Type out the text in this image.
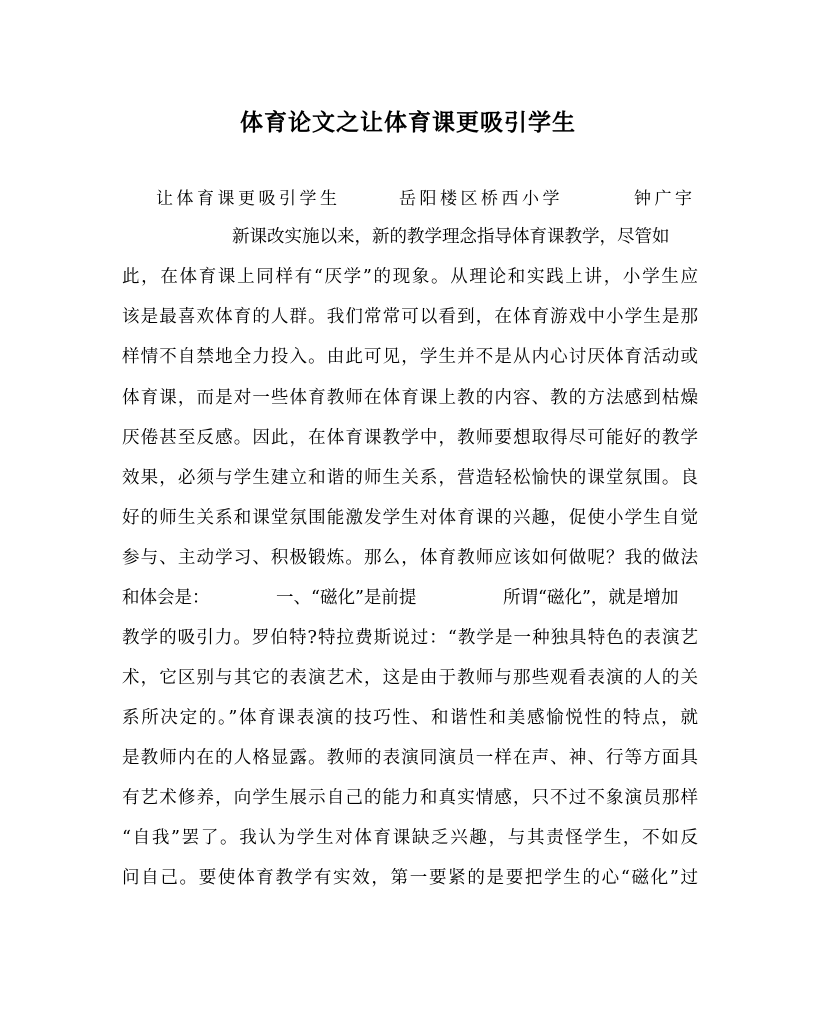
体育论文之让体育课更吸引学生
让体育课更吸引学生	岳阳楼区桥西小学	钟广宇
新课改实施以来，新的教学理念指导体育课教学，尽管如
此，在体育课上同样有“厌学”的现象。从理论和实践上讲，小学生应
该是最喜欢体育的人群。我们常常可以看到，在体育游戏中小学生是那
样情不自禁地全力投入。由此可见，学生并不是从内心讨厌体育活动或
体育课，而是对一些体育教师在体育课上教的内容、教的方法感到枯燥
厌倦甚至反感。因此，在体育课教学中，教师要想取得尽可能好的教学
效果，必须与学生建立和谐的师生关系，营造轻松愉快的课堂氛围。良
好的师生关系和课堂氛围能激发学生对体育课的兴趣，促使小学生自觉
参与、主动学习、积极锻炼。那么，体育教师应该如何做呢？我的做法
和体会是：	一、“磁化”是前提	所谓“磁化”，就是增加
教学的吸引力。罗伯特?特拉费斯说过：“教学是一种独具特色的表演艺
术，它区别与其它的表演艺术，这是由于教师与那些观看表演的人的关
系所决定的。”体育课表演的技巧性、和谐性和美感愉悦性的特点，就
是教师内在的人格显露。教师的表演同演员一样在声、神、行等方面具
有艺术修养，向学生展示自己的能力和真实情感，只不过不象演员那样
“自我”罢了。我认为学生对体育课缺乏兴趣，与其责怪学生，不如反
问自己。要使体育教学有实效，第一要紧的是要把学生的心“磁化”过
